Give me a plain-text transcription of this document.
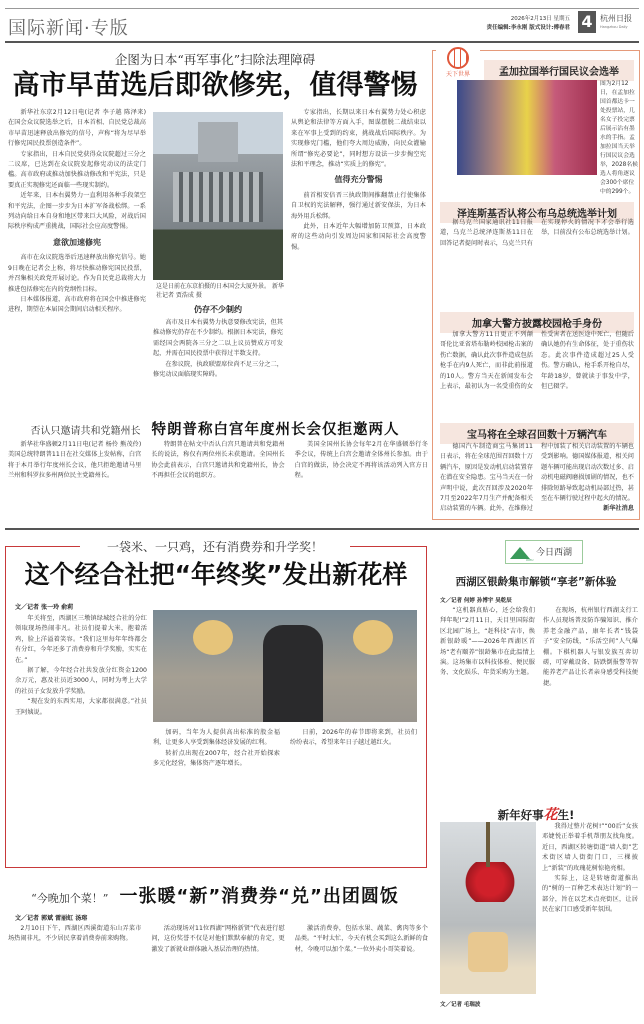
国际新闻·专版	2026年2月13日 星期五
责任编辑:李永刚 版式设计:傅春君 4 杭州日报
Hangzhou Daily
企图为日本“再军事化”扫除法理障碍
高市早苗选后即欲修宪，值得警惕

新华社东京2月12日电(记者 李子越 陈泽来)在国会众议院选举之后，日本首相、自民党总裁高市早苗迅速释放出修宪的信号，声称“将为尽早举行修宪国民投票创造条件”。

专家指出，日本自民党获得众议院超过三分之二议席，已达到在众议院发起修宪动议的法定门槛。高市政府或推动加快推动修改和平宪法，只是要真正实现修宪还面临一些现实制约。

近年来，日本右翼势力一直利用各种手段架空和平宪法，企图一步步为日本扩军备战松绑。一系列动向给日本自身和地区带来巨大风险，对战后国际秩序构成严重挑战，国际社会应高度警惕。

意欲加速修宪

高市在众议院选举后迅速释放出修宪信号。她9日晚在记者会上称，将尽快推动修宪国民投票，并召集相关政党开展讨论。作为自民党总裁将大力推进包括修宪在内的党纲性目标。

日本媒体报道，高市政府将在国会中推进修宪进程，期望在本届国会期间启动相关程序。

这是日前在东京拍摄的日本国会大厦外景。 新华社记者 贾浩成 摄
仍存不少制约

高市及日本右翼势力执意要修改宪法，但其推动修宪仍存在不少制约。根据日本宪法，修宪需经国会两院各三分之二以上议员赞成方可发起，并需在国民投票中获得过半数支持。

在参议院，执政联盟席位尚不足三分之二，修宪动议面临现实障碍。

专家指出，长期以来日本右翼势力处心积虑从舆论和法律等方面入手，图谋摆脱二战结束以来在军事上受到的约束，挑战战后国际秩序。为实现修宪门槛，他们夸大周边威胁，向民众灌输所谓“修宪必要论”，同时想方设法一步步掏空宪法和平理念，推动“实质上的修宪”。

值得充分警惕

前首相安倍晋三执政期间推翻禁止行使集体自卫权的宪法解释，强行通过新安保法，为日本海外用兵松绑。

此外，日本近年大幅增加防卫预算，日本政府的这些动向引发周边国家和国际社会高度警惕。

否认只邀请共和党籍州长 特朗普称白宫年度州长会仅拒邀两人

新华社华盛顿2月11日电(记者 杨伶 熊茂伶)美国总统特朗普11日在社交媒体上发帖称，白宫将于本月举行年度州长会议，他只拒绝邀请马里兰州和科罗拉多州两位民主党籍州长。

特朗普在帖文中否认白宫只邀请共和党籍州长的说法，称仅有两位州长未获邀请。全国州长协会此前表示，白宫只邀请共和党籍州长，协会不再担任会议的组织方。

美国全国州长协会每年2月在华盛顿举行冬季会议，传统上白宫会邀请全体州长参加。由于白宫的做法，协会决定不再将该活动列入官方日程。

天下世界	孟加拉国举行国民议会选举
图为2月12日，在孟加拉国首都达卡一处投票站，几名女子投完票后展示沾有墨水的手指。孟加拉国当天举行国民议会选举，2028名候选人将角逐议会300个席位中的299个。
泽连斯基否认将公布乌总统选举计划

据乌克兰国家通讯社11日报道，乌克兰总统泽连斯基11日在回答记者提问时表示，乌克兰只有在实现停火的情况下才会举行选举，目前没有公布总统选举计划。

加拿大警方披露校园枪手身份

加拿大警方11日更正不列颠哥伦比亚省塔布勒岭校园枪击案的伤亡数据，确认此次事件造成包括枪手在内9人死亡，而非此前报道的10人。警方当天在新闻发布会上表示，最初认为一名受重伤的女性受害者在送医途中死亡，但随后确认她仍有生命体征，处于重伤状态。此次事件造成超过25人受伤。警方确认，枪手系开枪自尽，年龄18岁，曾就读于事发中学，但已辍学。

宝马将在全球召回数十万辆汽车

德国汽车制造商宝马集团11日表示，将在全球范围召回数十万辆汽车，原因是发动机启动装置存在潜在安全隐患。宝马当天在一份声明中说，此次召回涉及2020年7月至2022年7月生产并配备相关启动装置的车辆。此外，在维修过程中加装了相关启动装置的车辆也受到影响。德国媒体报道，相关问题车辆可能出现启动次数过多、启动机电磁阀磨损加剧的情况，也不排除短路导致起动机局部过热，甚至在车辆行驶过程中起火的情况。

新华社消息
一袋米、一只鸡，还有消费券和升学奖！
这个经合社把“年终奖”发出新花样
文／记者 张一玲 俞莉

年关将至，西湖区三墩镇绿城经合社的分红领取现场热闹非凡。社员们提着大米，抱着活鸡，脸上洋溢着笑容。“我们这里每年年终都会有分红，今年还多了消费券和升学奖励，实实在在。”

据了解，今年经合社共发放分红资金1200余万元，惠及社员近3000人，同时为考上大学的社员子女发放升学奖励。

“现在发的东西实用，大家都很满意。”社员王阿姨说。

加码，当年为人提供高出标准的股金福利，让更多人享受到集体经济发展的红利。

转折点出现在2007年，经合社开始探索多元化经营，集体资产逐年增长。

日前，2026年的春节即将来到，社员们纷纷表示，希望来年日子越过越红火。

“今晚加个菜！” 一张暖“新”消费券“兑”出团圆饭
文／记者 郭斌 雷丽虹 汤瑢

2月10日下午，西湖区西溪街道东山弄菜市场热闹非凡，不少居民拿着消费券前来购物。

活动现场对11位西湖“网格新贤”代表进行慰问，这份奖誉不仅是对他们默默奉献的肯定，更激发了新就业群体融入基层治理的热情。

激活消费券，包括水果、蔬菜、禽肉等多个品类。“平时太忙，今天有机会买到这么新鲜的食材，今晚可以加个菜。”一位外卖小哥笑着说。

今日西湖
XIHU
西湖区银龄集市解锁“享老”新体验
文／记者 何婷 孙博宇 吴乾辰

“这机器真贴心，还会给我们拜年呢!”2月11日，天目里国际街区北园广场上，“赶科技”吉市，焕新银龄暖”——2026年西湖区首场“老有颐养”银龄集市在此温情上演。这场集市以科技体验、便民服务、文化娱乐、年货采购为主题。

在现场，杭州银行西湖支行工作人员现场普及防诈骗知识、推介养老金融产品，康年长者“钱袋子”安全防线，“乐活空间”人气爆棚。下棋机器人与银发族互弈切磋，可穿戴设备、防跌倒报警等智能养老产品让长者亲身感受科技便捷。

新年好事花生!
文／记者 毛瑞波

我得过整片花树!”“00后”女孩邓婕悦正举着手机帮朋友找角度。近日，西湖区转塘街道“墙人街”艺术街区墙人街街门口，三棵披上“新装”的玫瑰花树惊艳亮相。

实际上，这是转塘街道推出的“树的一百种艺术表达计划”的一部分，旨在以艺术点亮街区，让居民在家门口感受新年氛围。
